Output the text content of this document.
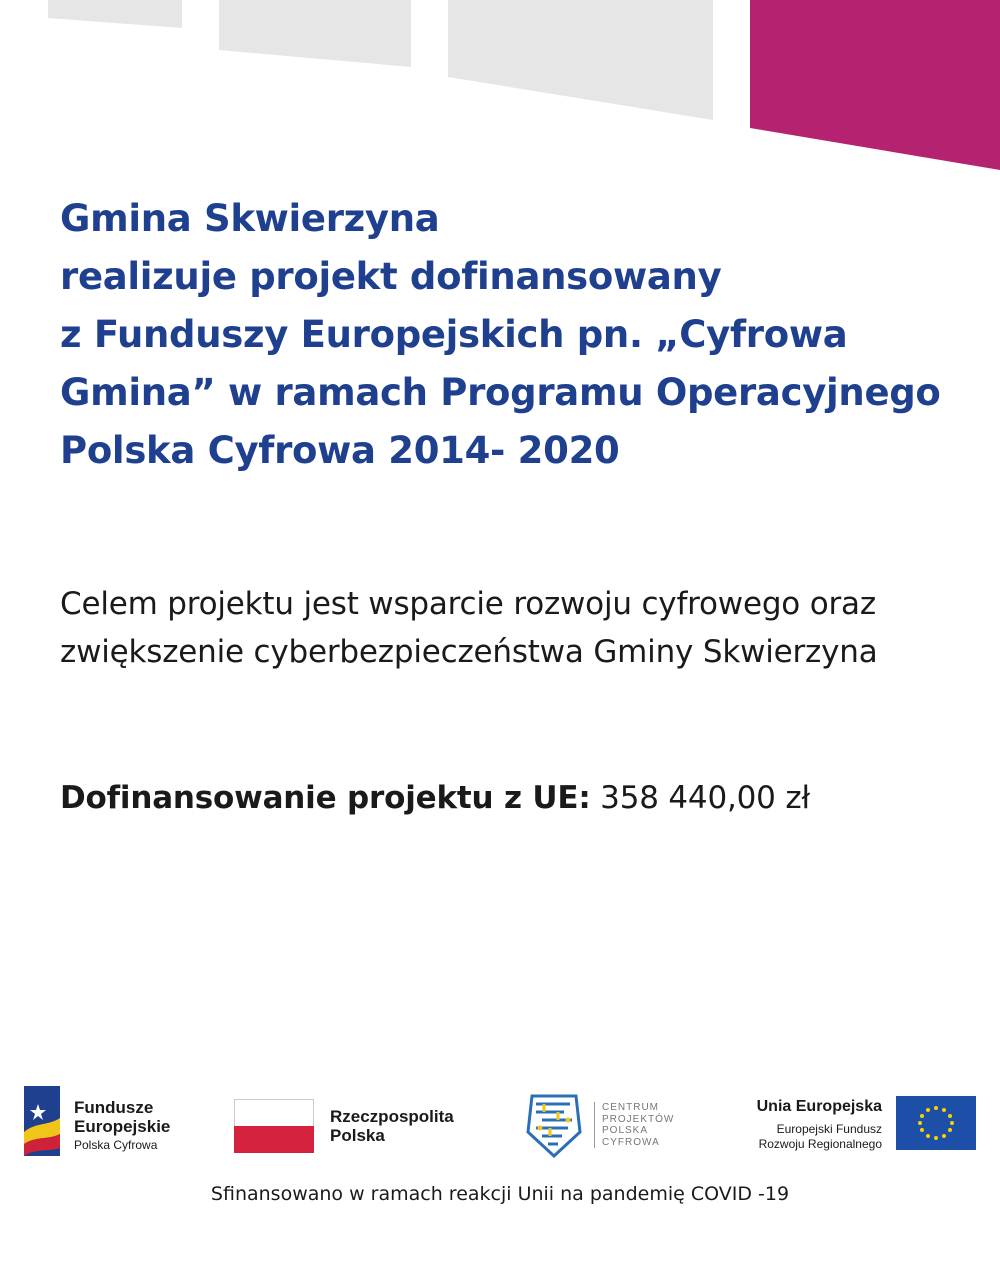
Gmina Skwierzyna
realizuje projekt dofinansowany
z Funduszy Europejskich pn. „Cyfrowa
Gmina” w ramach Programu Operacyjnego
Polska Cyfrowa 2014- 2020

Celem projektu jest wsparcie rozwoju cyfrowego oraz
zwiększenie cyberbezpieczeństwa Gminy Skwierzyna

Dofinansowanie projektu z UE: 358 440,00 zł
Fundusze
Europejskie
Polska Cyfrowa
Rzeczpospolita
Polska
CENTRUM
PROJEKTÓW
POLSKA
CYFROWA
Unia Europejska
Europejski Fundusz
Rozwoju Regionalnego
Sfinansowano w ramach reakcji Unii na pandemię COVID -19
